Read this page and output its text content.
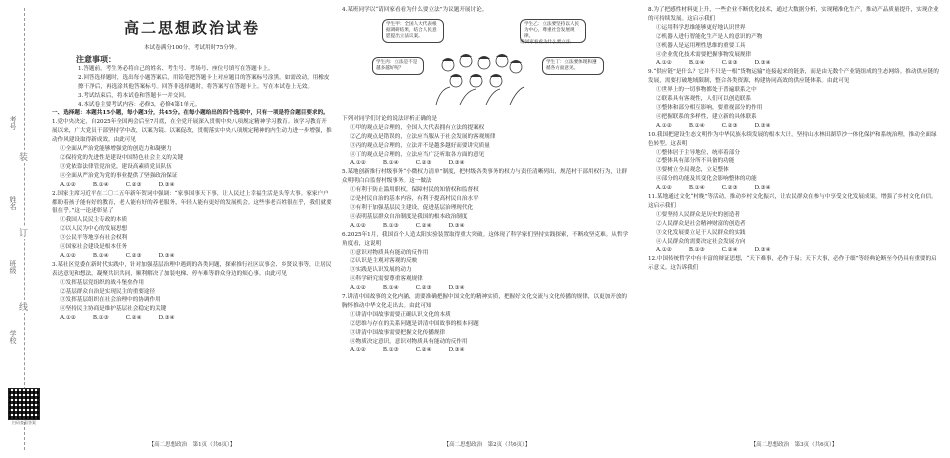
考号
姓名
班级
学校
装
订
线
扫码查看答案
高二思想政治试卷

本试卷满分100分，考试用时75分钟。

注意事项：

1.答题前，考生务必将自己的姓名、考生号、考场号、座位号填写在答题卡上。

2.回答选择题时，选出每小题答案后，用铅笔把答题卡上对应题目的答案标号涂黑。如需改动，用橡皮擦干净后，再选涂其他答案标号。回答非选择题时，将答案写在答题卡上。写在本试卷上无效。

3.考试结束后，将本试卷和答题卡一并交回。

4.本试卷主要考试内容：必修3，必修4第1单元。

一、选择题：本题共15小题，每小题3分，共45分。在每小题给出的四个选项中，只有一项是符合题目要求的。

1.党中央决定，自2025年全国两会后至7月底，在全党开展深入贯彻中央八项规定精神学习教育。该学习教育开展以来，广大党员干部坚持学中改，以案为镜、以案促改，贯彻落实中央八项规定精神的内生动力进一步增强，推动作风建设取得新成效。由此可见

①全面从严治党能够增强党的创造力和凝聚力

②保持党的先进性是建设中国特色社会主义的关键

③党依靠法律管党治党，建设高素质党员队伍

④全面从严治党为党的事业提供了坚强政治保证

A.①②　　	B.①④　　	C.②③　　	D.③④

2.国家主席习近平在二〇二五年新年贺词中强调：“家事国事天下事，让人民过上幸福生活是头等大事。家家户户都盼着孩子能有好的教育，老人能有好的养老服务，年轻人能有更好的发展机会。这些事老百姓很在乎，我们就要很在乎。”这一论述彰显了

①我国人民民主专政的本质

②以人民为中心的发展思想

③公民平等地享有社会权利

④国家社会建设是根本任务

A.①②　　	B.①④　　	C.②③　　	D.③④

3.某社区党委在新时代实践中，针对加强基层治理中遇到的各类问题，探索推行社区议事会、乡贤议事等，让居民表达意见和想法，凝聚共识共同，顺利解决了加装电梯、停车难等群众身边的烦心事。由此可见

①发挥基层党组织的战斗堡垒作用

②基层群众自治是实现民主的重要途径

③发挥基层组织在社会治理中的协调作用

④坚持民主协商是维护基层社会稳定的关键

A.①②　　	B.①③　　	C.②④　　	D.③④

4.某班同学以“请回家看看为什么要立法”为议题开展讨论。

学生甲：全国人大代表根据调研结果，结合人民意愿提出立法议案。
学生乙：立法要坚持以人民为中心，尊重社会发展规律。
学生丙：立法是不是越多越好呢？
学生丁：立法要体现和遵循各方面意见。
请回家看看为什么要立法

下列对同学们讨论的说法评析正确的是

①甲的观点是合理的，全国人大代表拥有立法的提案权

②乙的观点是错误的，立法应当服从于社会发展的客观规律

③丙的观点是合理的，立法并不是越多越好而要讲究质量

④丁的观点是合理的，立法应当广泛听取各方面的意见

A.①②　　	B.①④　　	C.②③　　	D.③④

5.某地创新推行村级事务“小微权力清单”制度，把村级各类事务的权力与责任清晰列出，规范村干部用权行为，让群众明明白白监督村级事务。这一做法

①有利于防止滥用职权，保障村民的知情权和监督权

②是村民自治的基本内容，有利于提高村民自治水平

③有利于加强基层民主建设，促进基层治理现代化

④表明基层群众自治制度是我国的根本政治制度

A.①②　　	B.①③　　	C.②④　　	D.③④

6.2025年1月，我国首个人造太阳实验装置取得重大突破。这体现了科学家们坚持实践探索，不断攻坚克难。从哲学角度看，这说明

①意识对物质具有能动的反作用

②认识是主观对客观的反映

③实践是认识发展的动力

④科学研究需要尊重客观规律

A.①②　　	B.①④　　	C.②③　　	D.③④

7.讲清中国故事的文化内涵，需要准确把握中国文化的精神实质，把握好文化交流与文化传播的规律，以更加开放的胸怀推动中华文化走出去。由此可知

①讲清中国故事需要正确认识文化的本质

②思维与存在的关系问题是讲清中国故事的根本问题

③讲清中国故事需要把握文化传播规律

④物质决定意识，意识对物质具有能动的反作用

A.①②　　	B.①③　　	C.②④　　	D.③④

8.为了把感性材料更上升，一些企业不断优化技术，通过大数据分析，实现精准化生产，推动产品质量提升，实现企业的可持续发展。这启示我们

①运用科学思维能够更好地认识世界

②机器人进行智能化生产是人的意识的产物

③机器人是运用理性思维的重要工具

④企业优化技术需要把握事物发展规律

A.①②　　	B.①④　　	C.②③　　	D.③④

9.“供应链”是什么？它并不只是一根“货物运输”连接起来的链条，而是由无数个产业链组成的生态网络。推动供应链的发展，需要打破地域限制，整合各类资源，构建协同高效的供应链体系。由此可见

①世界上的一切事物都处于普遍联系之中

②联系具有客观性，人们可以创造联系

③整体和部分相互影响，要重视部分的作用

④把握联系的多样性，建立新的具体联系

A.①②　　	B.①④　　	C.②③　　	D.③④

10.我国把建设生态文明作为中华民族永续发展的根本大计，坚持山水林田湖草沙一体化保护和系统治理，推动全面绿色转型。这表明

①整体居于主导地位，统率着部分

②整体具有部分所不具备的功能

③要树立全局观念，立足整体

④部分的功能及其变化会影响整体的功能

A.①②　　	B.①④　　	C.②③　　	D.③④

11.某地通过文化“村晚”等活动，推动乡村文化振兴，让农民群众在参与中享受文化发展成果，增强了乡村文化自信。这启示我们

①要坚持人民群众是历史的创造者

②人民群众是社会精神财富的创造者

③文化发展要立足于人民群众的实践

④人民群众的需要决定社会发展方向

A.①②　　	B.①③　　	C.②④　　	D.③④

12.中国传统哲学中有丰富的辩证思想，“天下难事，必作于易；天下大事，必作于细”等经典论断至今仍具有重要的启示意义。这告诉我们

【高二思想政治　第1页（共6页）】	【高二思想政治　第2页（共6页）】	【高二思想政治　第3页（共6页）】
